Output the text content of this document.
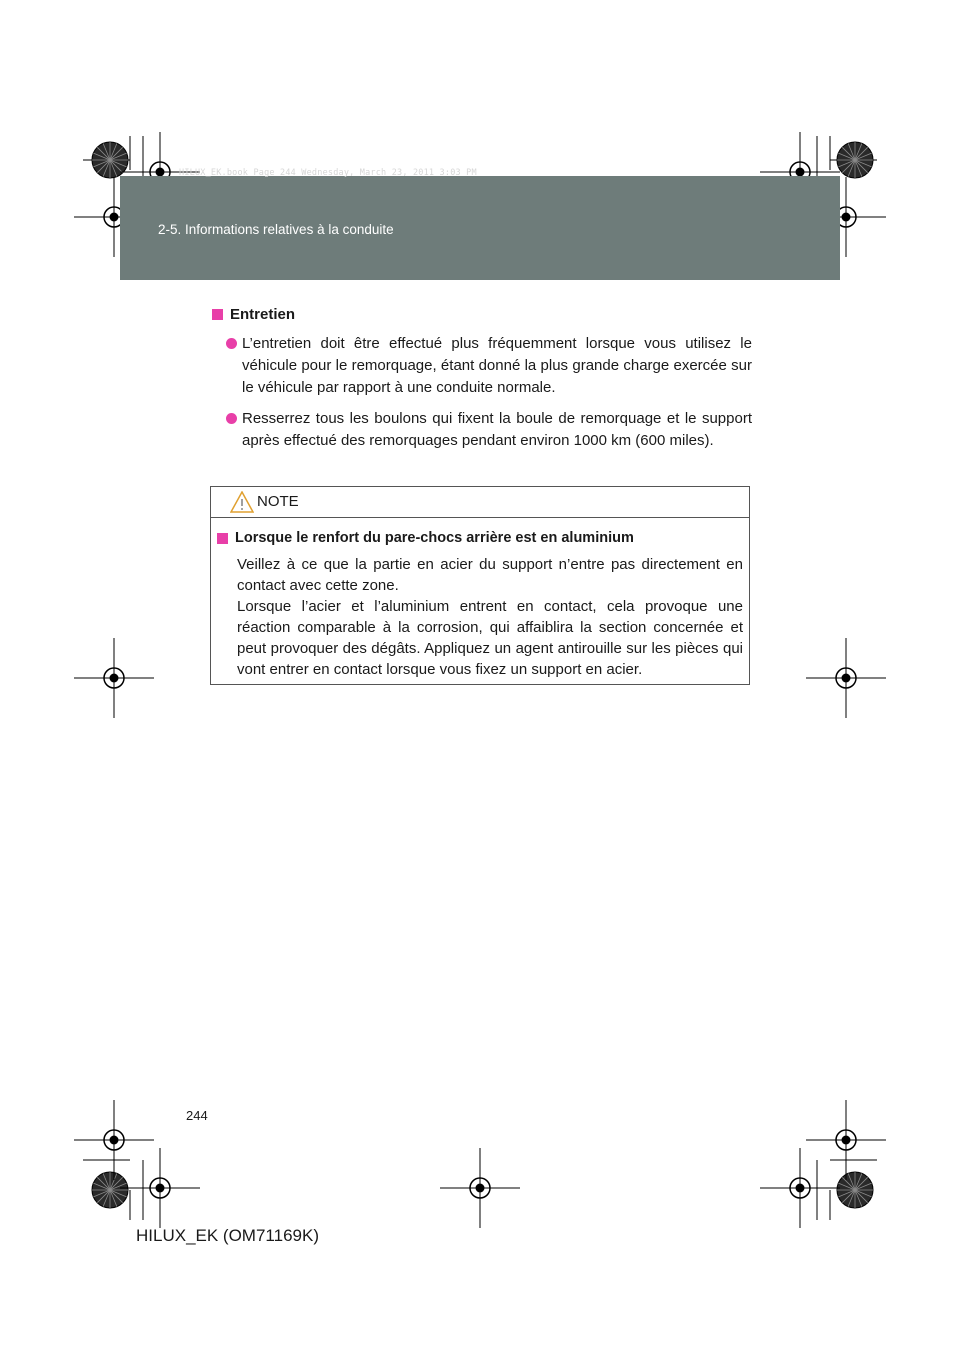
HILUX_EK.book Page 244 Wednesday, March 23, 2011 3:03 PM
2-5. Informations relatives à la conduite
Entretien
L’entretien doit être effectué plus fréquemment lorsque vous utilisez le véhicule pour le remorquage, étant donné la plus grande charge exercée sur le véhicule par rapport à une conduite normale.
Resserrez tous les boulons qui fixent la boule de remorquage et le support après effectué des remorquages pendant environ 1000 km (600 miles).
NOTE
Lorsque le renfort du pare-chocs arrière est en aluminium
Veillez à ce que la partie en acier du support n’entre pas directement en contact avec cette zone.
Lorsque l’acier et l’aluminium entrent en contact, cela provoque une réaction comparable à la corrosion, qui affaiblira la section concernée et peut provoquer des dégâts. Appliquez un agent antirouille sur les pièces qui vont entrer en contact lorsque vous fixez un support en acier.
244
HILUX_EK (OM71169K)
